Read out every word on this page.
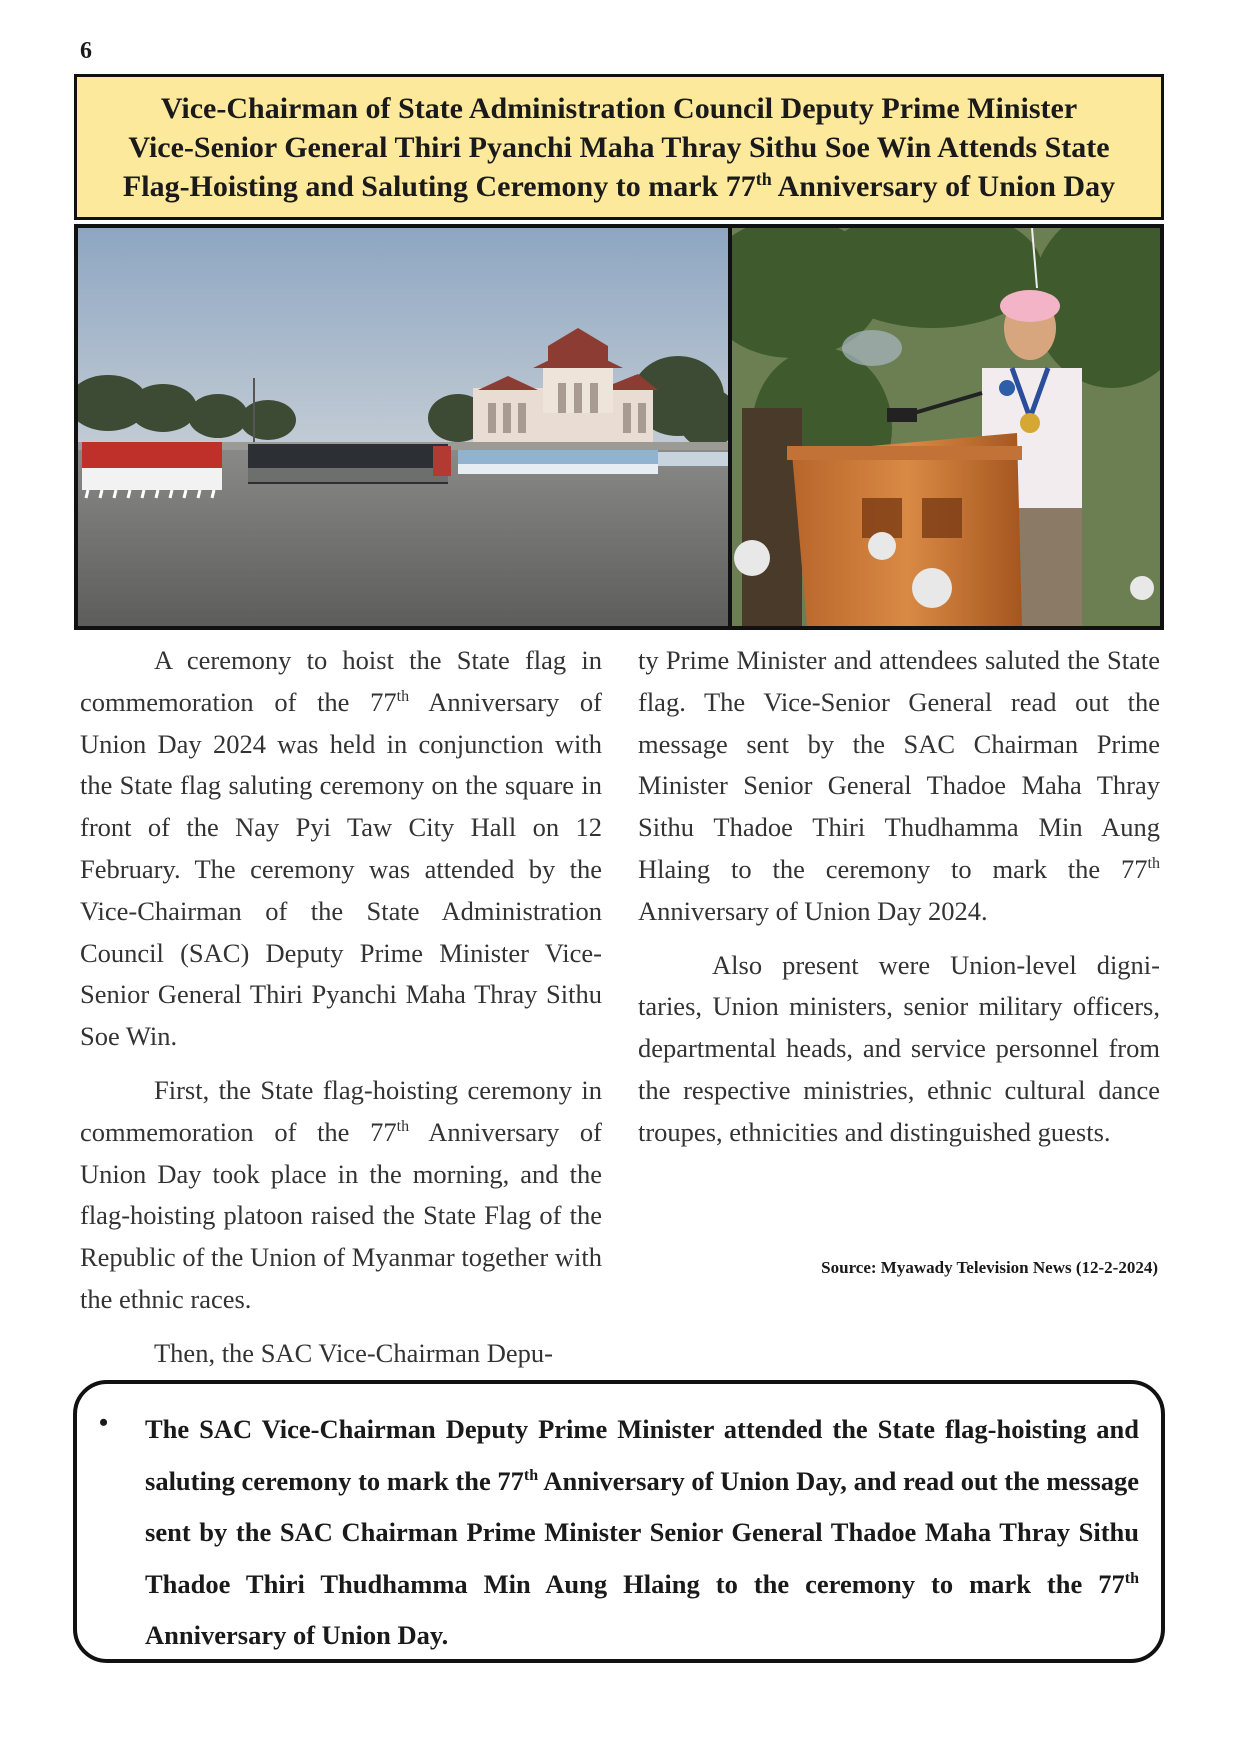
6
Vice-Chairman of State Administration Council Deputy Prime Minister
Vice-Senior General Thiri Pyanchi Maha Thray Sithu Soe Win Attends State
Flag-Hoisting and Saluting Ceremony to mark 77th Anniversary of Union Day

A ceremony to hoist the State flag in commemoration of the 77th Anniversary of Union Day 2024 was held in conjunction with the State flag saluting ceremony on the square in front of the Nay Pyi Taw City Hall on 12 February. The ceremony was attended by the Vice-Chairman of the State Administration Council (SAC) Deputy Prime Minister Vice-Senior General Thiri Pyanchi Maha Thray Sithu Soe Win.

First, the State flag-hoisting ceremony in commemoration of the 77th Anniversary of Union Day took place in the morning, and the flag-hoisting platoon raised the State Flag of the Republic of the Union of Myanmar together with the ethnic races.

Then, the SAC Vice-Chairman Depu-

ty Prime Minister and attendees saluted the State flag. The Vice-Senior General read out the message sent by the SAC Chairman Prime Minister Senior General Thadoe Maha Thray Sithu Thadoe Thiri Thudhamma Min Aung Hlaing to the ceremony to mark the 77th Anniversary of Union Day 2024.

Also present were Union-level dignitaries, Union ministers, senior military officers, departmental heads, and service personnel from the respective ministries, ethnic cultural dance troupes, ethnicities and distinguished guests.

Source: Myawady Television News (12-2-2024)
• The SAC Vice-Chairman Deputy Prime Minister attended the State flag-hoisting and saluting ceremony to mark the 77th Anniversary of Union Day, and read out the message sent by the SAC Chairman Prime Minister Senior General Thadoe Maha Thray Sithu Thadoe Thiri Thudhamma Min Aung Hlaing to the ceremony to mark the 77th Anniversary of Union Day.
